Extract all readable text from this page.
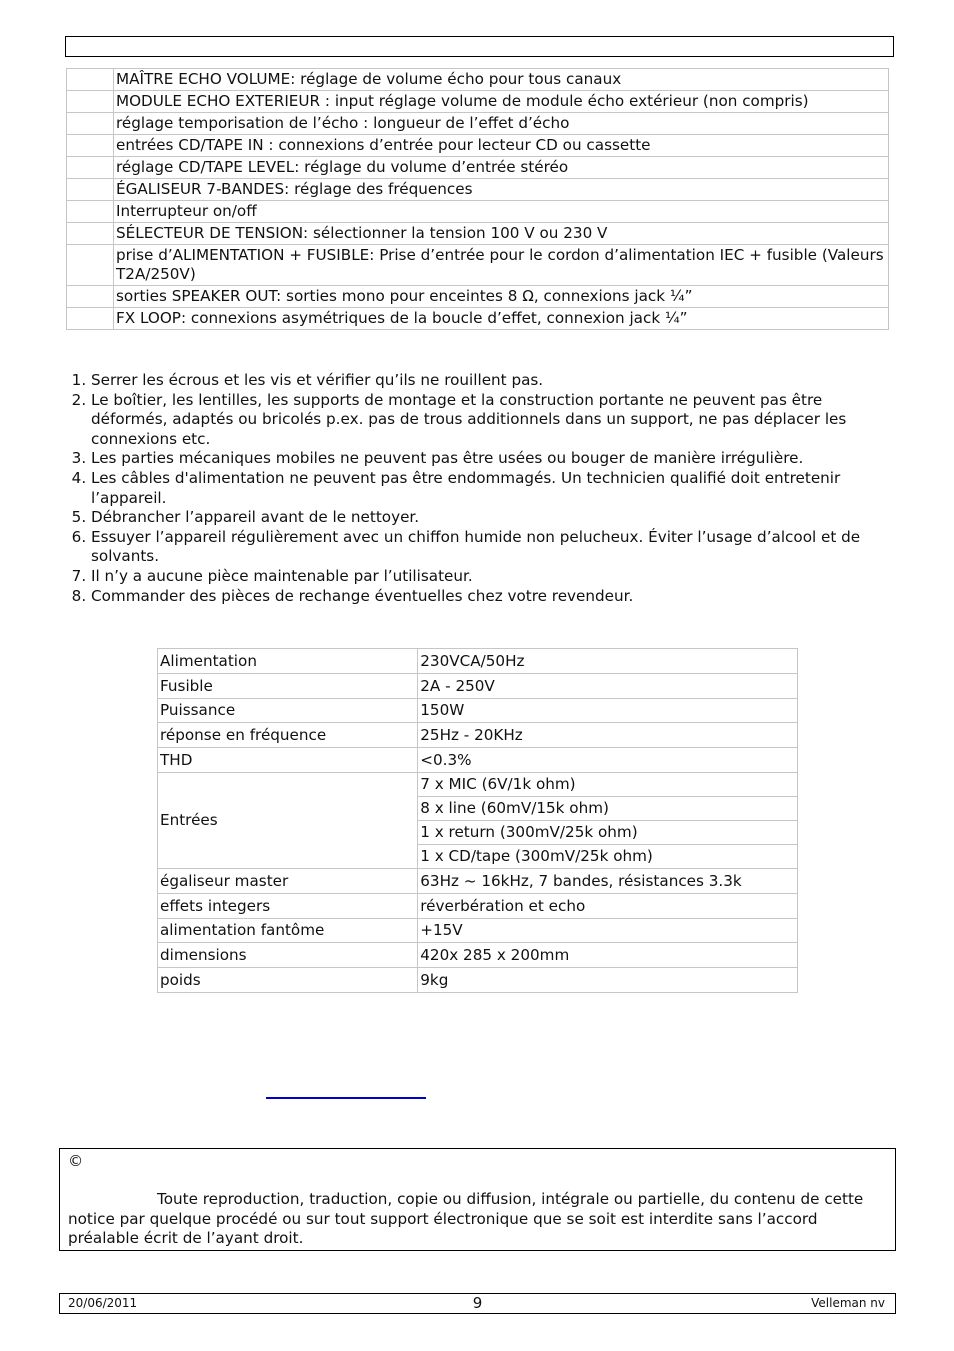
	MAÎTRE ECHO VOLUME: réglage de volume écho pour tous canaux
	MODULE ECHO EXTERIEUR : input réglage volume de module écho extérieur (non compris)
	réglage temporisation de l’écho : longueur de l’effet d’écho
	entrées CD/TAPE IN : connexions d’entrée pour lecteur CD ou cassette
	réglage CD/TAPE LEVEL: réglage du volume d’entrée stéréo
	ÉGALISEUR 7-BANDES: réglage des fréquences
	Interrupteur on/off
	SÉLECTEUR DE TENSION: sélectionner la tension 100 V ou 230 V
	prise d’ALIMENTATION + FUSIBLE: Prise d’entrée pour le cordon d’alimentation IEC + fusible (Valeurs T2A/250V)
	sorties SPEAKER OUT: sorties mono pour enceintes 8 Ω, connexions jack ¼”
	FX LOOP: connexions asymétriques de la boucle d’effet, connexion jack ¼”
1. Serrer les écrous et les vis et vérifier qu’ils ne rouillent pas.
2. Le boîtier, les lentilles, les supports de montage et la construction portante ne peuvent pas être déformés, adaptés ou bricolés p.ex. pas de trous additionnels dans un support, ne pas déplacer les connexions etc.
3. Les parties mécaniques mobiles ne peuvent pas être usées ou bouger de manière irrégulière.
4. Les câbles d'alimentation ne peuvent pas être endommagés. Un technicien qualifié doit entretenir l’appareil.
5. Débrancher l’appareil avant de le nettoyer.
6. Essuyer l’appareil régulièrement avec un chiffon humide non pelucheux. Éviter l’usage d’alcool et de solvants.
7. Il n’y a aucune pièce maintenable par l’utilisateur.
8. Commander des pièces de rechange éventuelles chez votre revendeur.
Alimentation	230VCA/50Hz
Fusible	2A - 250V
Puissance	150W
réponse en fréquence	25Hz - 20KHz
THD	<0.3%
Entrées	7 x MIC (6V/1k ohm)
	8 x line (60mV/15k ohm)
	1 x return (300mV/25k ohm)
	1 x CD/tape (300mV/25k ohm)
égaliseur master	63Hz ~ 16kHz, 7 bandes, résistances 3.3k
effets integers	réverbération et echo
alimentation fantôme	+15V
dimensions	420x 285 x 200mm
poids	9kg
©
Toute reproduction, traduction, copie ou diffusion, intégrale ou partielle, du contenu de cette notice par quelque procédé ou sur tout support électronique que se soit est interdite sans l’accord préalable écrit de l’ayant droit.
20/06/2011	9	Velleman nv
